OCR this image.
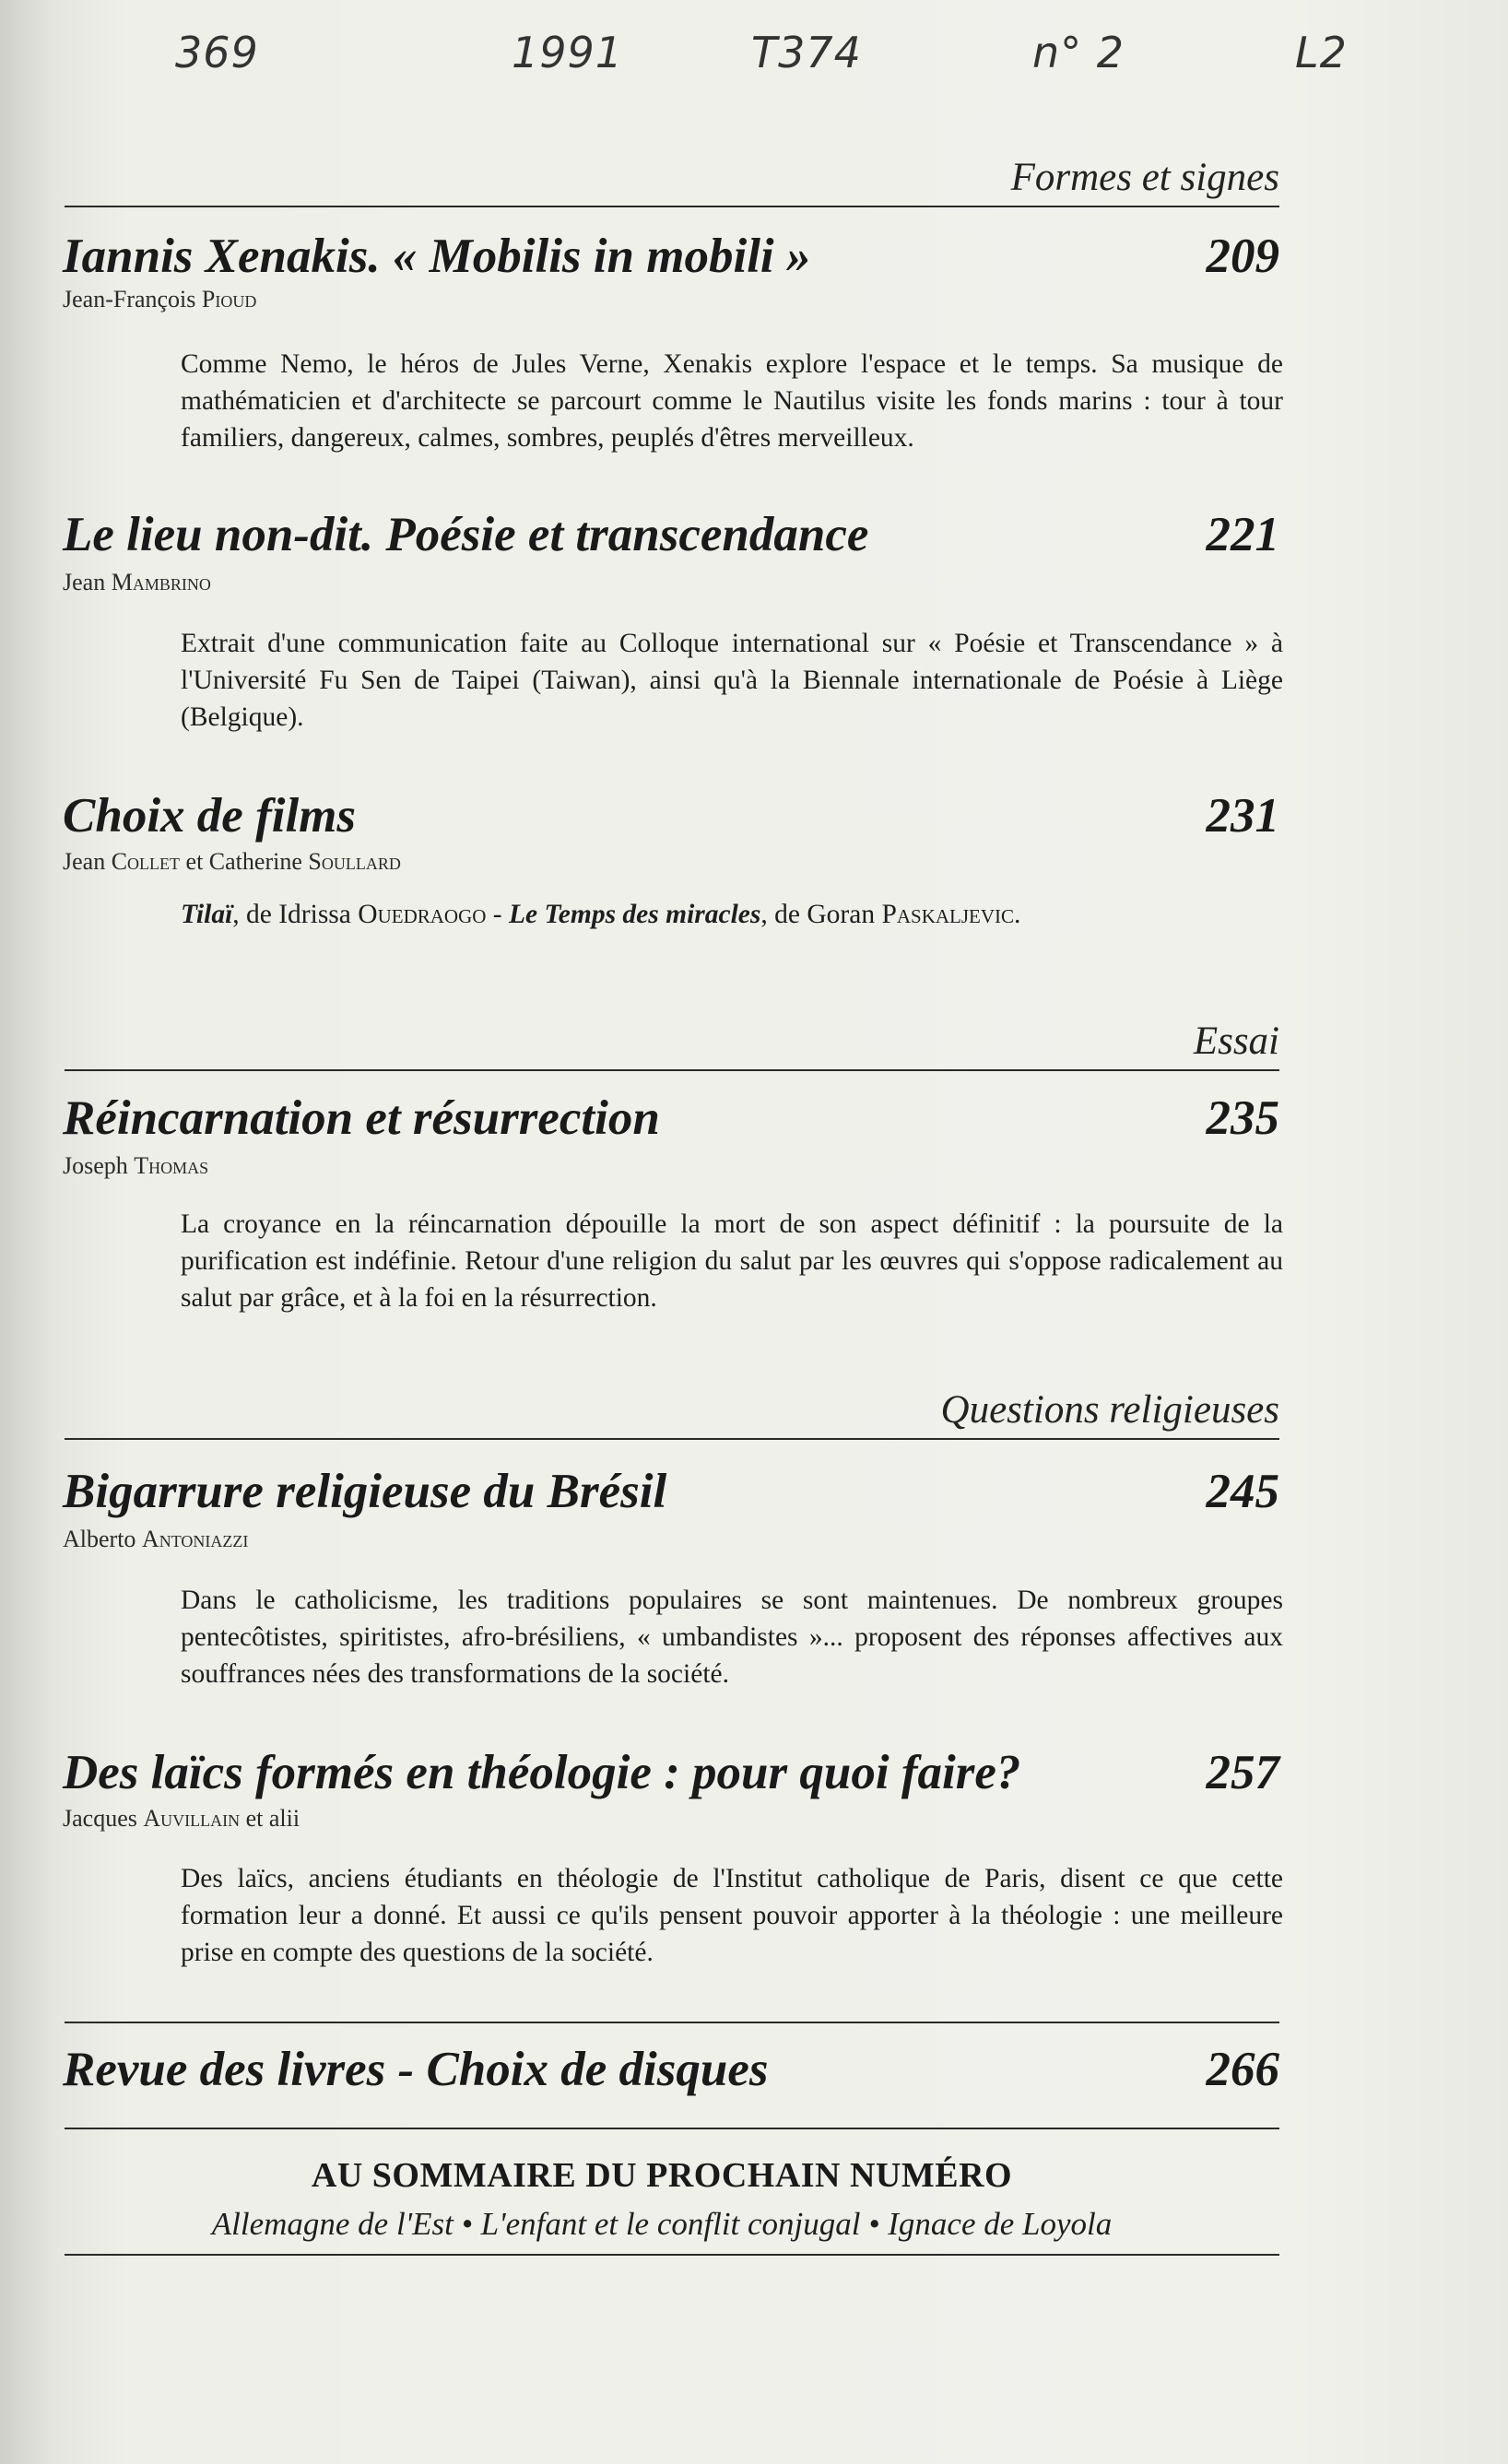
369	1991	T374	n° 2	L2
Formes et signes
Iannis Xenakis. « Mobilis in mobili »	209
Jean-François Pioud
Comme Nemo, le héros de Jules Verne, Xenakis explore l'espace et le temps. Sa musique de mathématicien et d'architecte se parcourt comme le Nautilus visite les fonds marins : tour à tour familiers, dangereux, calmes, sombres, peuplés d'êtres merveilleux.
Le lieu non-dit. Poésie et transcendance	221
Jean Mambrino
Extrait d'une communication faite au Colloque international sur « Poésie et Transcendance » à l'Université Fu Sen de Taipei (Taiwan), ainsi qu'à la Biennale internationale de Poésie à Liège (Belgique).
Choix de films	231
Jean Collet et Catherine Soullard
Tilaï, de Idrissa Ouedraogo - Le Temps des miracles, de Goran Paskaljevic.
Essai
Réincarnation et résurrection	235
Joseph Thomas
La croyance en la réincarnation dépouille la mort de son aspect définitif : la poursuite de la purification est indéfinie. Retour d'une religion du salut par les œuvres qui s'oppose radicalement au salut par grâce, et à la foi en la résurrection.
Questions religieuses
Bigarrure religieuse du Brésil	245
Alberto Antoniazzi
Dans le catholicisme, les traditions populaires se sont maintenues. De nombreux groupes pentecôtistes, spiritistes, afro-brésiliens, « umbandistes »... proposent des réponses affectives aux souffrances nées des transformations de la société.
Des laïcs formés en théologie : pour quoi faire?	257
Jacques Auvillain et alii
Des laïcs, anciens étudiants en théologie de l'Institut catholique de Paris, disent ce que cette formation leur a donné. Et aussi ce qu'ils pensent pouvoir apporter à la théologie : une meilleure prise en compte des questions de la société.
Revue des livres - Choix de disques	266
AU SOMMAIRE DU PROCHAIN NUMÉRO
Allemagne de l'Est • L'enfant et le conflit conjugal • Ignace de Loyola
